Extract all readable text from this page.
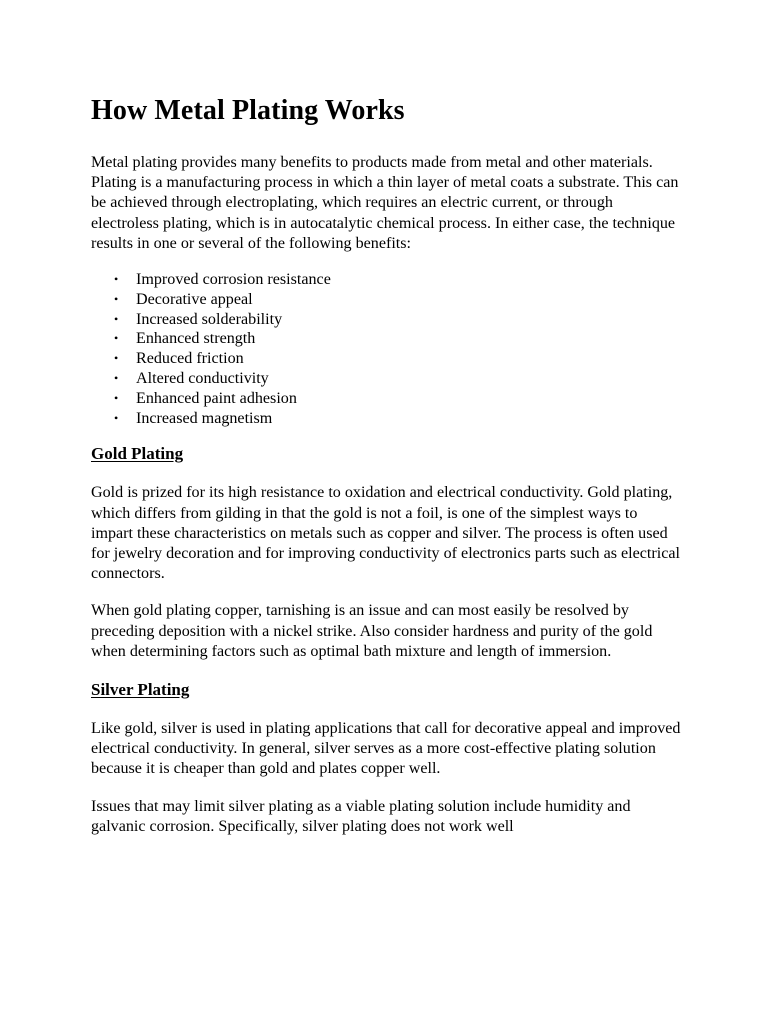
How Metal Plating Works

Metal plating provides many benefits to products made from metal and other materials. Plating is a manufacturing process in which a thin layer of metal coats a substrate. This can be achieved through electroplating, which requires an electric current, or through electroless plating, which is in autocatalytic chemical process. In either case, the technique results in one or several of the following benefits:

• Improved corrosion resistance
• Decorative appeal
• Increased solderability
• Enhanced strength
• Reduced friction
• Altered conductivity
• Enhanced paint adhesion
• Increased magnetism
Gold Plating

Gold is prized for its high resistance to oxidation and electrical conductivity. Gold plating, which differs from gilding in that the gold is not a foil, is one of the simplest ways to impart these characteristics on metals such as copper and silver. The process is often used for jewelry decoration and for improving conductivity of electronics parts such as electrical connectors.

When gold plating copper, tarnishing is an issue and can most easily be resolved by preceding deposition with a nickel strike. Also consider hardness and purity of the gold when determining factors such as optimal bath mixture and length of immersion.

Silver Plating

Like gold, silver is used in plating applications that call for decorative appeal and improved electrical conductivity. In general, silver serves as a more cost-effective plating solution because it is cheaper than gold and plates copper well.

Issues that may limit silver plating as a viable plating solution include humidity and galvanic corrosion. Specifically, silver plating does not work well
